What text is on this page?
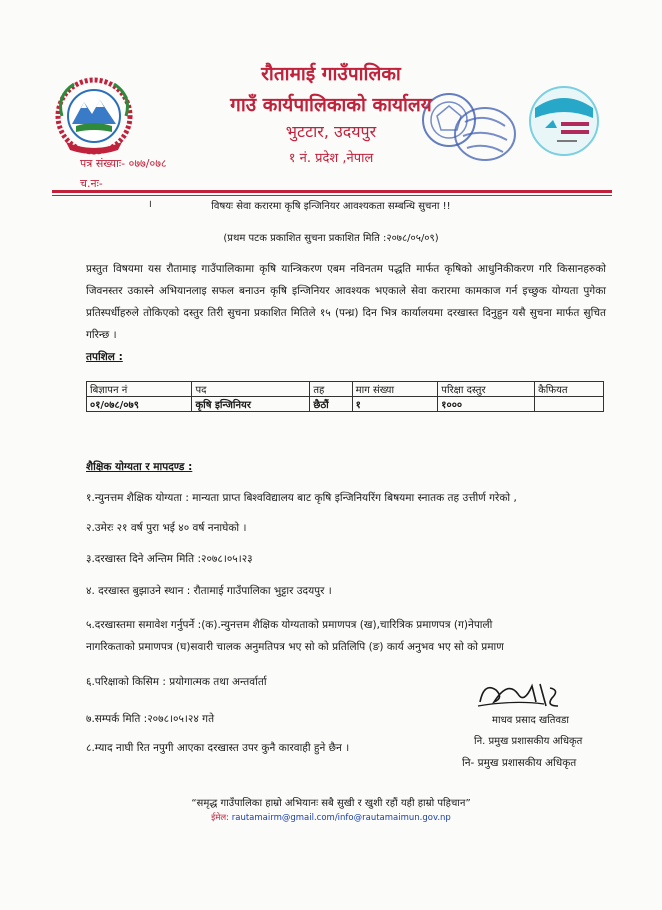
रौतामाई गाउँपालिका
गाउँ कार्यपालिकाको कार्यालय
भुटटार, उदयपुर
१ नं. प्रदेश ,नेपाल
पत्र संख्याः- ०७७/०७८
च.नः-
।	विषयः सेवा करारमा कृषि इन्जिनियर आवश्यकता सम्बन्धि सुचना !!
(प्रथम पटक प्रकाशित सुचना प्रकाशित मिति :२०७८/०५/०९)
प्रस्तुत विषयमा यस रौतामाइ गाउँपालिकामा कृषि यान्त्रिकरण एबम नविनतम पद्धति मार्फत कृषिको आधुनिकीकरण गरि किसानहरुको जिवनस्तर उकास्ने अभियानलाइ सफल बनाउन कृषि इन्जिनियर आवश्यक भएकाले सेवा करारमा कामकाज गर्न इच्छुक योग्यता पुगेका प्रतिस्पर्धीहरुले तोकिएको दस्तुर तिरी सुचना प्रकाशित मितिले १५ (पन्ध्र) दिन भित्र कार्यालयमा दरखास्त दिनुहुन यसै सुचना मार्फत सुचित गरिन्छ ।
तपशिल :
बिज्ञापन नं	पद	तह	माग संख्या	परिक्षा दस्तुर	कैफियत
०१/०७८/०७९	कृषि इन्जिनियर	छैठौं	१	१०००	
शैक्षिक योग्यता र मापदण्ड :
१.न्युनत्तम शैक्षिक योग्यता : मान्यता प्राप्त बिश्वविद्यालय बाट कृषि इन्जिनियरिंग बिषयमा स्नातक तह उत्तीर्ण गरेको ,
२.उमेरः २१ वर्ष पुरा भई ४० वर्ष ननाघेको ।
३.दरखास्त दिने अन्तिम मिति :२०७८।०५।२३
४. दरखास्त बुझाउने स्थान : रौतामाई गाउँपालिका भुट्टार उदयपुर ।
५.दरखास्तमा समावेश गर्नुपर्ने :(क).न्युनत्तम शैक्षिक योग्यताको प्रमाणपत्र (ख),चारित्रिक प्रमाणपत्र (ग)नेपाली
नागरिकताको प्रमाणपत्र (घ)सवारी चालक अनुमतिपत्र भए सो को प्रतिलिपि (ङ) कार्य अनुभव भए सो को प्रमाण
६.परिक्षाको किसिम : प्रयोगात्मक तथा अन्तर्वार्ता
७.सम्पर्क मिति :२०७८।०५।२४ गते
८.म्याद नाघी रित नपुगी आएका दरखास्त उपर कुनै कारवाही हुने छैन ।
माधव प्रसाद खतिवडा
नि. प्रमुख प्रशासकीय अधिकृत
नि- प्रमुख प्रशासकीय अधिकृत
“समृद्ध गाउँपालिका हाम्रो अभियानः सबै सुखी र खुशी रहौं यही हाम्रो पहिचान”
ईमेल: rautamairm@gmail.com/info@rautamaimun.gov.np
